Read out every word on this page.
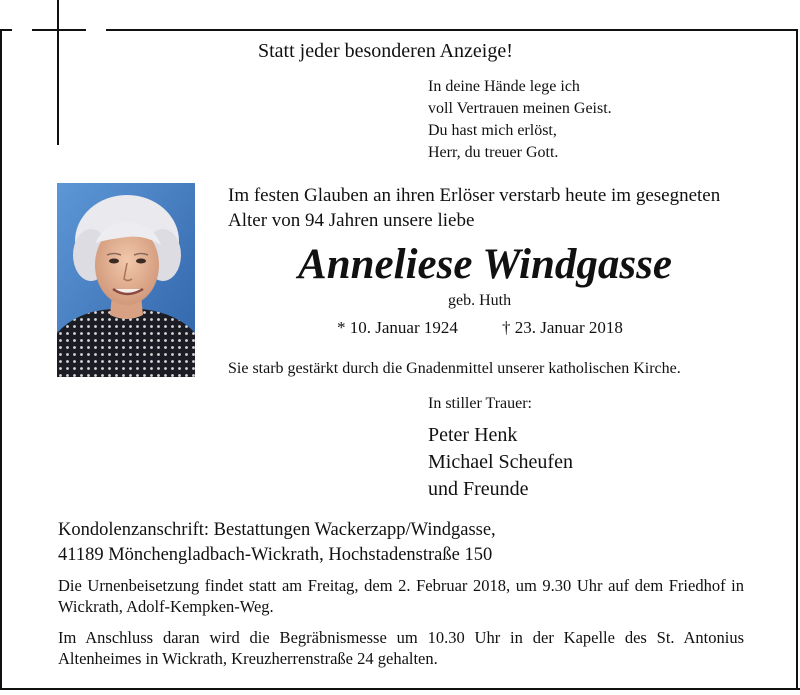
Statt jeder besonderen Anzeige!
In deine Hände lege ich
voll Vertrauen meinen Geist.
Du hast mich erlöst,
Herr, du treuer Gott.
Im festen Glauben an ihren Erlöser verstarb heute im gesegneten
Alter von 94 Jahren unsere liebe
Anneliese Windgasse
geb. Huth
* 10. Januar 1924	† 23. Januar 2018
Sie starb gestärkt durch die Gnadenmittel unserer katholischen Kirche.
In stiller Trauer:
Peter Henk
Michael Scheufen
und Freunde
Kondolenzanschrift: Bestattungen Wackerzapp/Windgasse,
41189 Mönchengladbach-Wickrath, Hochstadenstraße 150
Die Urnenbeisetzung findet statt am Freitag, dem 2. Februar 2018, um 9.30 Uhr auf dem Friedhof in Wickrath, Adolf-Kempken-Weg.
Im Anschluss daran wird die Begräbnismesse um 10.30 Uhr in der Kapelle des St. Antonius Altenheimes in Wickrath, Kreuzherrenstraße 24 gehalten.
